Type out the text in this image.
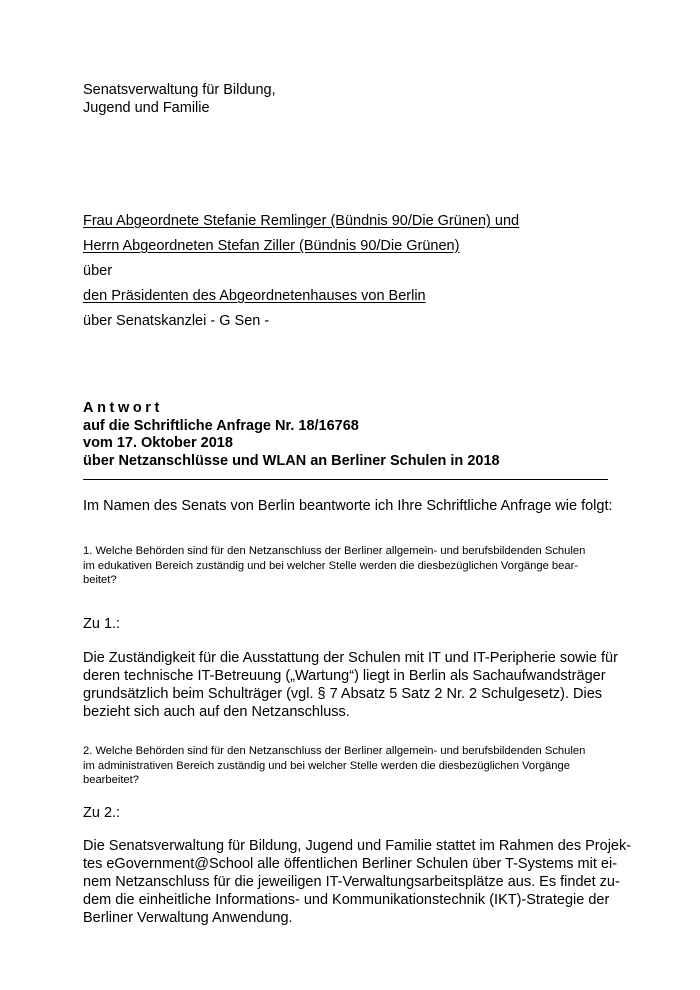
Senatsverwaltung für Bildung,
Jugend und Familie
Frau Abgeordnete Stefanie Remlinger (Bündnis 90/Die Grünen) und
Herrn Abgeordneten Stefan Ziller (Bündnis 90/Die Grünen)
über
den Präsidenten des Abgeordnetenhauses von Berlin
über Senatskanzlei - G Sen -
Antwort
auf die Schriftliche Anfrage Nr. 18/16768
vom 17. Oktober 2018
über Netzanschlüsse und WLAN an Berliner Schulen in 2018

Im Namen des Senats von Berlin beantworte ich Ihre Schriftliche Anfrage wie folgt:

1. Welche Behörden sind für den Netzanschluss der Berliner allgemein- und berufsbildenden Schulen
im edukativen Bereich zuständig und bei welcher Stelle werden die diesbezüglichen Vorgänge bear-
beitet?

Zu 1.:

Die Zuständigkeit für die Ausstattung der Schulen mit IT und IT-Peripherie sowie für
deren technische IT-Betreuung („Wartung“) liegt in Berlin als Sachaufwandsträger
grundsätzlich beim Schulträger (vgl. § 7 Absatz 5 Satz 2 Nr. 2 Schulgesetz). Dies
bezieht sich auch auf den Netzanschluss.
2. Welche Behörden sind für den Netzanschluss der Berliner allgemein- und berufsbildenden Schulen
im administrativen Bereich zuständig und bei welcher Stelle werden die diesbezüglichen Vorgänge
bearbeitet?

Zu 2.:

Die Senatsverwaltung für Bildung, Jugend und Familie stattet im Rahmen des Projek-
tes eGovernment@School alle öffentlichen Berliner Schulen über T-Systems mit ei-
nem Netzanschluss für die jeweiligen IT-Verwaltungsarbeitsplätze aus. Es findet zu-
dem die einheitliche Informations- und Kommunikationstechnik (IKT)-Strategie der
Berliner Verwaltung Anwendung.
